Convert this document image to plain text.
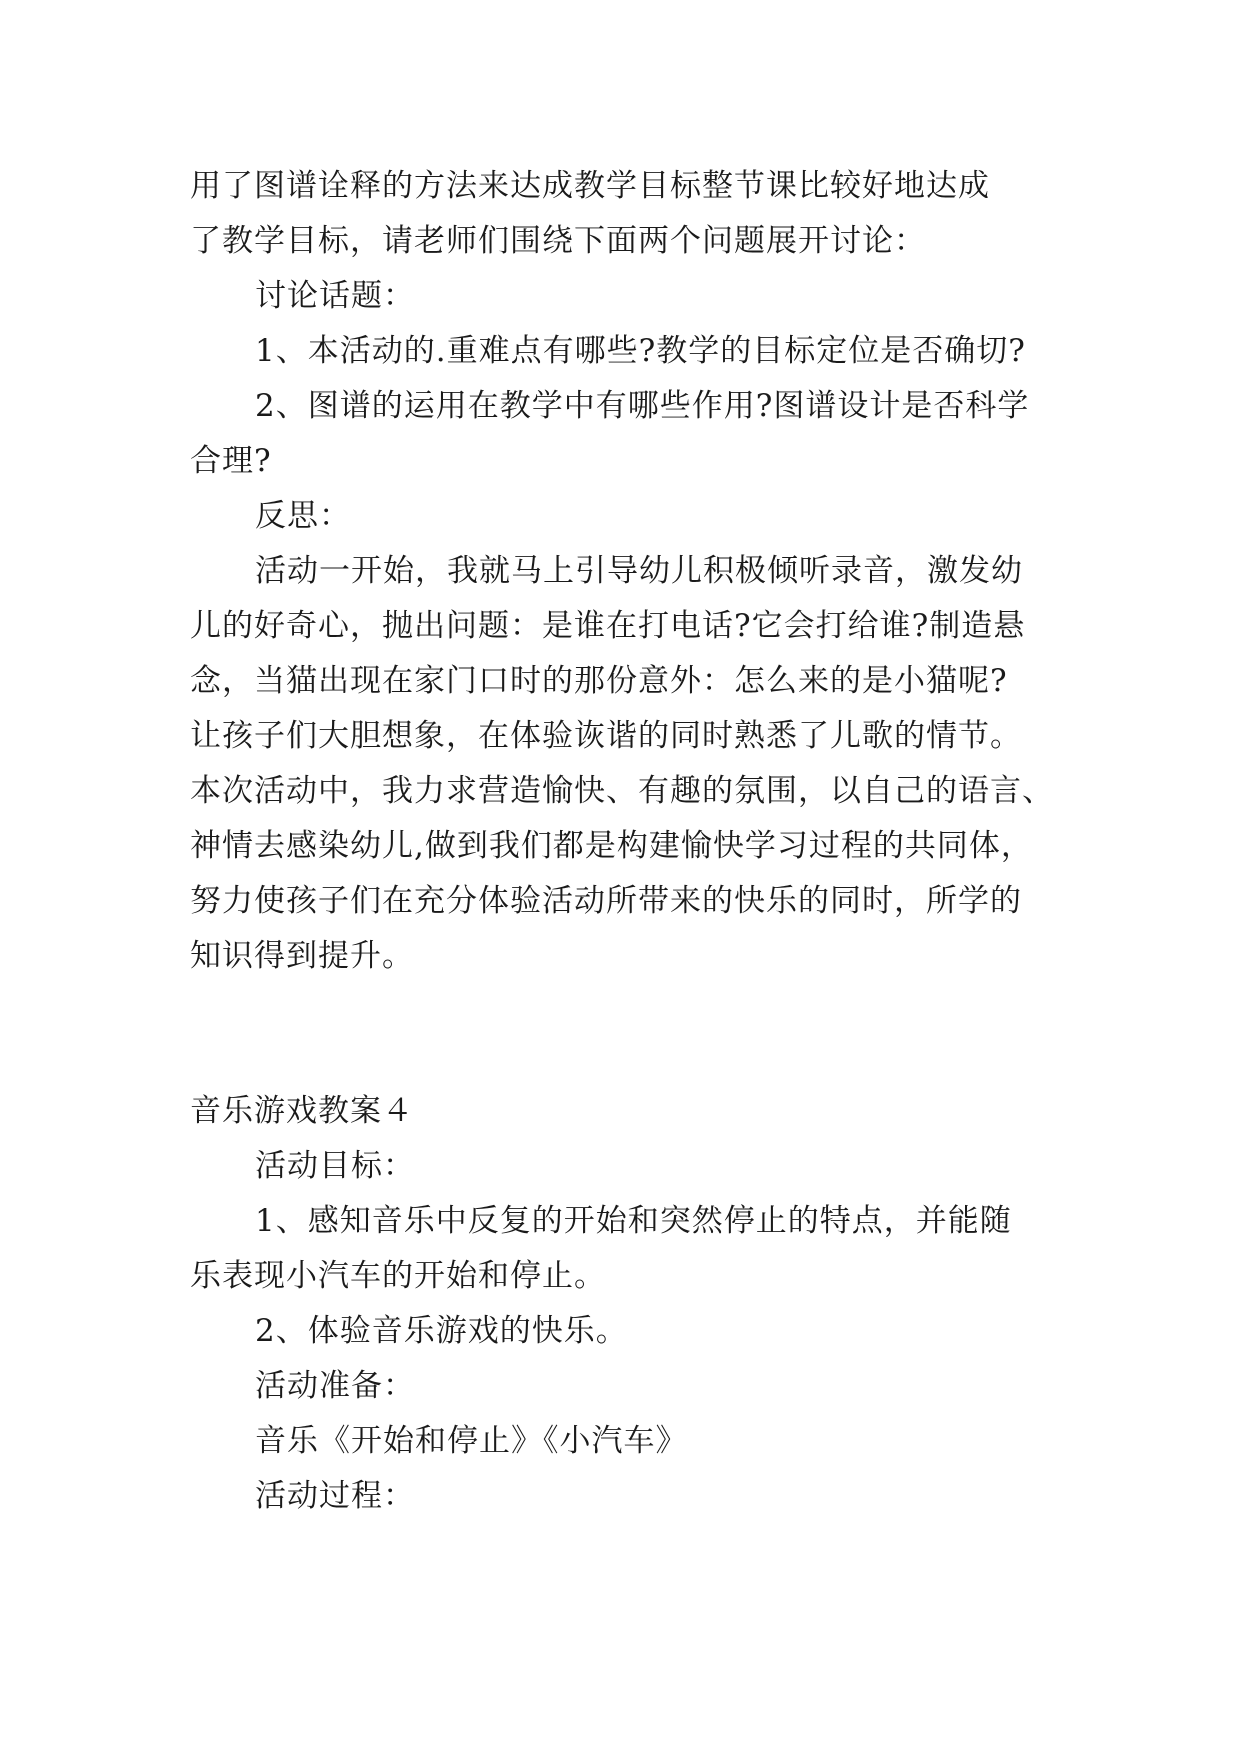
用了图谱诠释的方法来达成教学目标整节课比较好地达成
了教学目标，请老师们围绕下面两个问题展开讨论：
讨论话题：
1、本活动的.重难点有哪些?教学的目标定位是否确切?
2、图谱的运用在教学中有哪些作用?图谱设计是否科学
合理?
反思：
活动一开始，我就马上引导幼儿积极倾听录音，激发幼
儿的好奇心，抛出问题：是谁在打电话?它会打给谁?制造悬
念，当猫出现在家门口时的那份意外：怎么来的是小猫呢?
让孩子们大胆想象，在体验诙谐的同时熟悉了儿歌的情节。
本次活动中，我力求营造愉快、有趣的氛围，以自己的语言、
神情去感染幼儿,做到我们都是构建愉快学习过程的共同体，
努力使孩子们在充分体验活动所带来的快乐的同时，所学的
知识得到提升。
音乐游戏教案４
活动目标：
1、感知音乐中反复的开始和突然停止的特点，并能随
乐表现小汽车的开始和停止。
2、体验音乐游戏的快乐。
活动准备：
音乐《开始和停止》《小汽车》
活动过程：
